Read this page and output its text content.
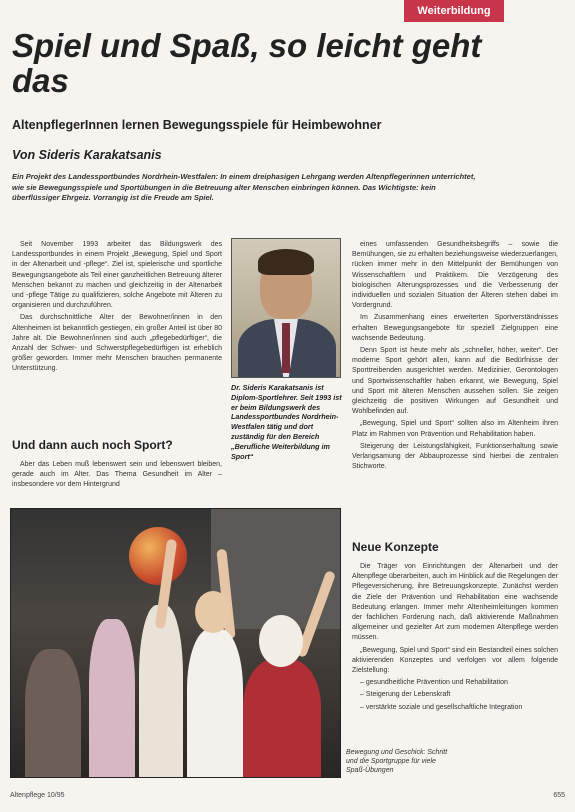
Weiterbildung
Spiel und Spaß, so leicht geht das
AltenpflegerInnen lernen Bewegungsspiele für Heimbewohner
Von Sideris Karakatsanis
Ein Projekt des Landessportbundes Nordrhein-Westfalen: In einem dreiphasigen Lehrgang werden Altenpflegerinnen unterrichtet, wie sie Bewegungsspiele und Sportübungen in die Betreuung alter Menschen einbringen können. Das Wichtigste: kein überflüssiger Ehrgeiz. Vorrangig ist die Freude am Spiel.

Seit November 1993 arbeitet das Bildungswerk des Landessportbundes in einem Projekt „Bewegung, Spiel und Sport in der Altenarbeit und -pflege“. Ziel ist, spielerische und sportliche Bewegungsangebote als Teil einer ganzheitlichen Betreuung älterer Menschen bekannt zu machen und gleichzeitig in der Altenarbeit und -pflege Tätige zu qualifizieren, solche Angebote mit Älteren zu organisieren und durchzuführen.

Das durchschnittliche Alter der Bewohner/innen in den Altenheimen ist bekanntlich gestiegen, ein großer Anteil ist über 80 Jahre alt. Die Bewohner/innen sind auch „pflegebedürftiger“, die Anzahl der Schwer- und Schwerstpflegebedürftigen ist erheblich größer geworden. Immer mehr Menschen brauchen permanente Unterstützung.

Und dann auch noch Sport?

Aber das Leben muß lebenswert sein und lebenswert bleiben, gerade auch im Alter. Das Thema Gesundheit im Alter – insbesondere vor dem Hintergrund

Dr. Sideris Karakatsanis ist Diplom-Sportlehrer. Seit 1993 ist er beim Bildungswerk des Landessportbundes Nordrhein-Westfalen tätig und dort zuständig für den Bereich „Berufliche Weiterbildung im Sport“

eines umfassenden Gesundheitsbegriffs – sowie die Bemühungen, sie zu erhalten beziehungsweise wiederzuerlangen, rücken immer mehr in den Mittelpunkt der Bemühungen von Wissenschaftlern und Praktikern. Die Verzögerung des biologischen Alterungsprozesses und die Verbesserung der individuellen und sozialen Situation der Älteren stehen dabei im Vordergrund.

Im Zusammenhang eines erweiterten Sportverständnisses erhalten Bewegungsangebote für speziell Zielgruppen eine wachsende Bedeutung.

Denn Sport ist heute mehr als „schneller, höher, weiter“. Der moderne Sport gehört allen, kann auf die Bedürfnisse der Sporttreibenden ausgerichtet werden. Medizinier, Gerontologen und Sportwissenschaftler haben erkannt, wie Bewegung, Spiel und Sport mit älteren Menschen aussehen sollen. Sie zeigen gleichzeitig die positiven Wirkungen auf Gesundheit und Wohlbefinden auf.

„Bewegung, Spiel und Sport“ sollten also im Altenheim ihren Platz im Rahmen von Prävention und Rehabilitation haben.

Steigerung der Leistungsfähigkeit, Funktionserhaltung sowie Verlangsamung der Abbauprozesse sind hierbei die zentralen Stichworte.

Neue Konzepte

Die Träger von Einrichtungen der Altenarbeit und der Altenpflege überarbeiten, auch im Hinblick auf die Regelungen der Pflegeversicherung, ihre Betreuungskonzepte. Zunächst werden die Ziele der Prävention und Rehabilitation eine wachsende Bedeutung erlangen. Immer mehr Altenheimleitungen kommen der fachlichen Forderung nach, daß aktivierende Maßnahmen allgemeiner und gezielter Art zum modernen Altenpflege werden müssen.

„Bewegung, Spiel und Sport“ sind ein Bestandteil eines solchen aktivierenden Konzeptes und verfolgen vor allem folgende Zielstellung:

– gesundheitliche Prävention und Rehabilitation

– Steigerung der Lebenskraft

– verstärkte soziale und gesellschaftliche Integration

Bewegung und Geschick: Schritt und die Sportgruppe für viele Spaß-Übungen
Altenpflege 10/95	655
